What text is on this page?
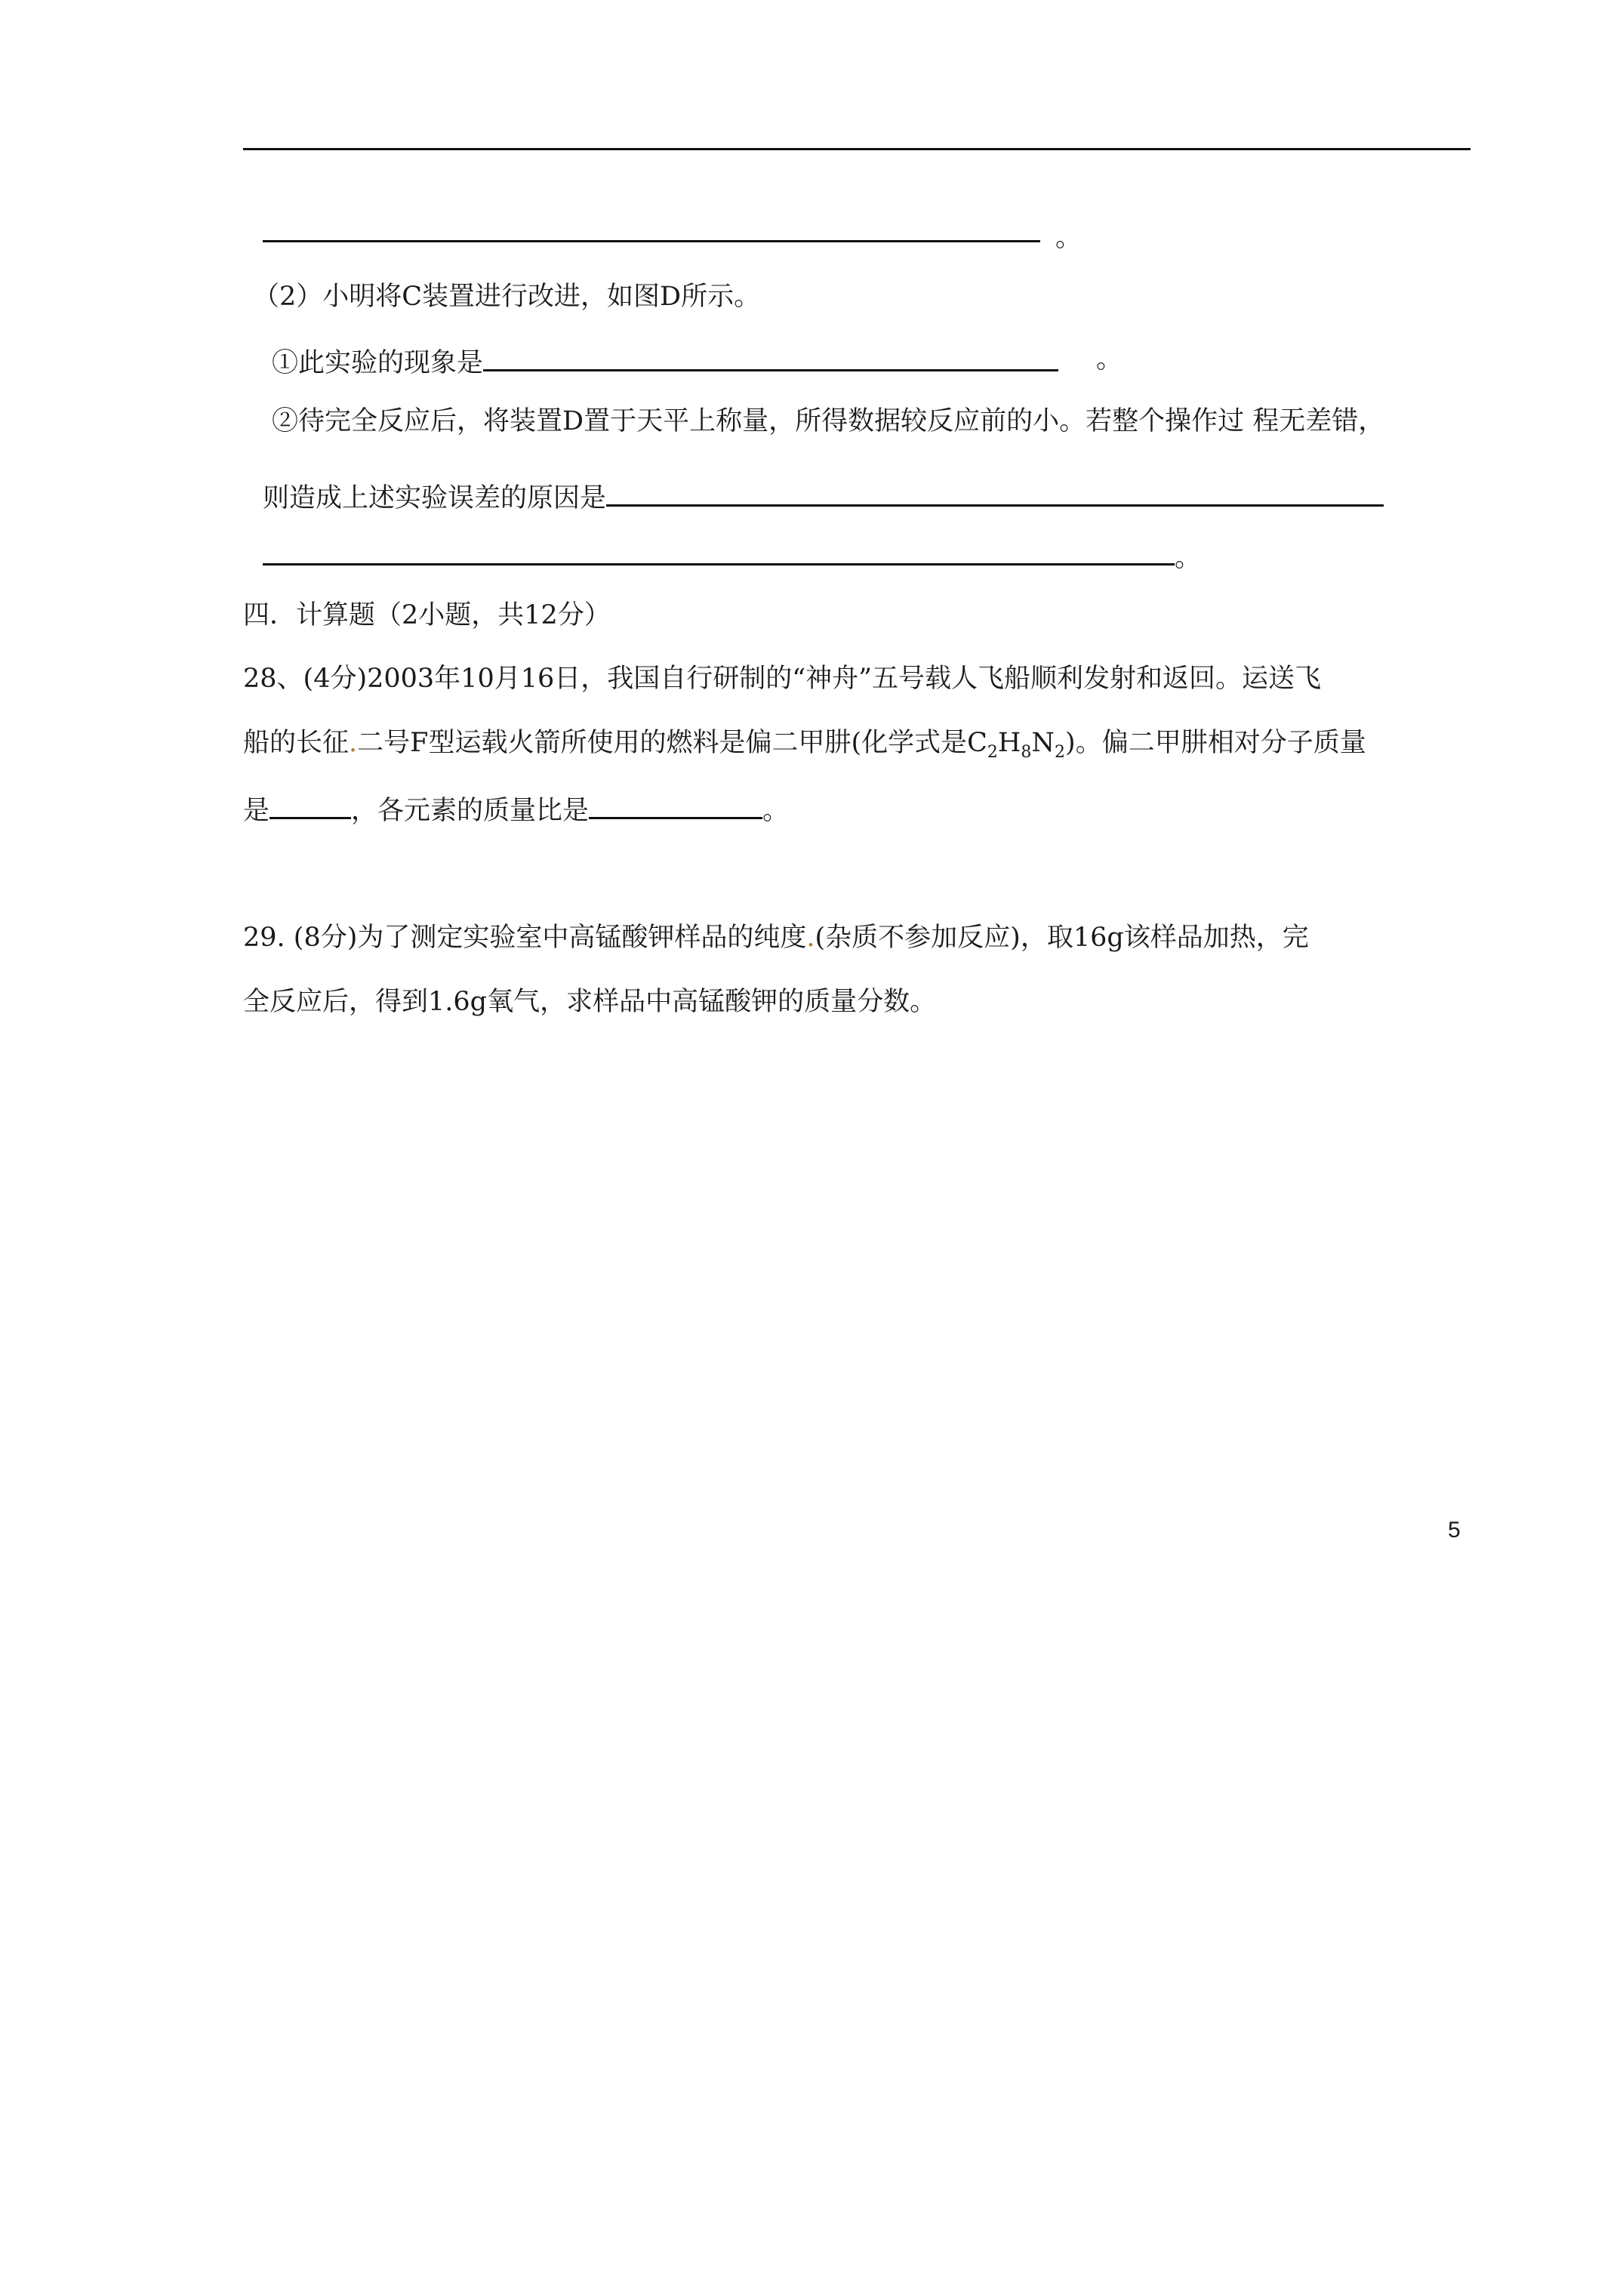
。
（2）小明将C装置进行改进，如图D所示。
①此实验的现象是	。
②待完全反应后，将装置D置于天平上称量，所得数据较反应前的小。若整个操作过 程无差错，
则造成上述实验误差的原因是
。
四．计算题（2小题，共12分）
28、(4分)2003年10月16日，我国自行研制的“神舟”五号载人飞船顺利发射和返回。运送飞
船的长征.二号F型运载火箭所使用的燃料是偏二甲肼(化学式是$C_2H_8N_2$)。偏二甲肼相对分子质量
是	，各元素的质量比是	。
29. (8分)为了测定实验室中高锰酸钾样品的纯度.(杂质不参加反应)，取16g该样品加热，完
全反应后，得到1.6g氧气，求样品中高锰酸钾的质量分数。
5
